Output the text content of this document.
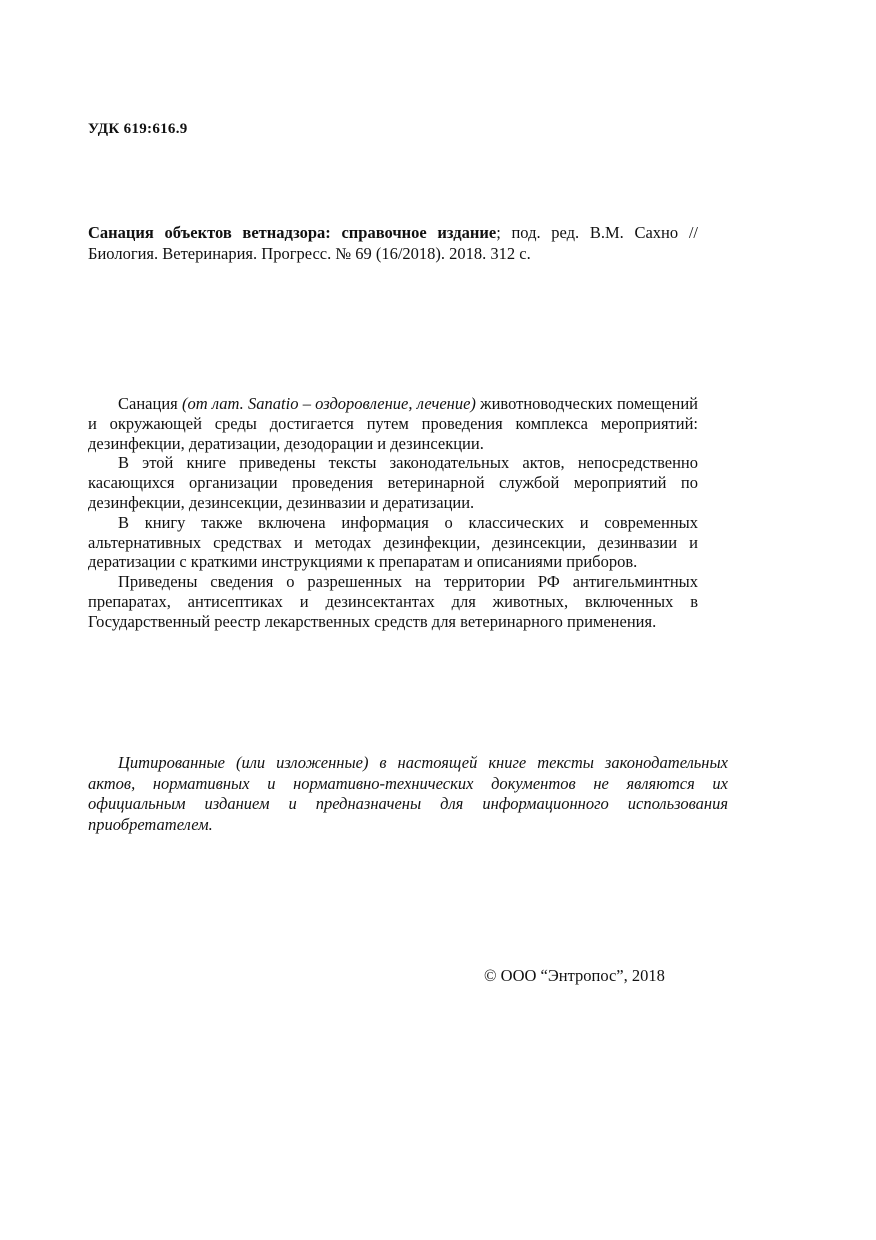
УДК 619:616.9
Санация объектов ветнадзора: справочное издание; под. ред. В.М. Сахно // Биология. Ветеринария. Прогресс. № 69 (16/2018). 2018. 312 с.

Санация (от лат. Sanatio – оздоровление, лечение) животноводческих помещений и окружающей среды достигается путем проведения комплекса мероприятий: дезинфекции, дератизации, дезодорации и дезинсекции.

В этой книге приведены тексты законодательных актов, непосредственно касающихся организации проведения ветеринарной службой мероприятий по дезинфекции, дезинсекции, дезинвазии и дератизации.

В книгу также включена информация о классических и современных альтернативных средствах и методах дезинфекции, дезинсекции, дезинвазии и дератизации с краткими инструкциями к препаратам и описаниями приборов.

Приведены сведения о разрешенных на территории РФ антигельминтных препаратах, антисептиках и дезинсектантах для животных, включенных в Государственный реестр лекарственных средств для ветеринарного применения.

Цитированные (или изложенные) в настоящей книге тексты законодательных актов, нормативных и нормативно-технических документов не являются их официальным изданием и предназначены для информационного использования приобретателем.

© ООО “Энтропос”, 2018
